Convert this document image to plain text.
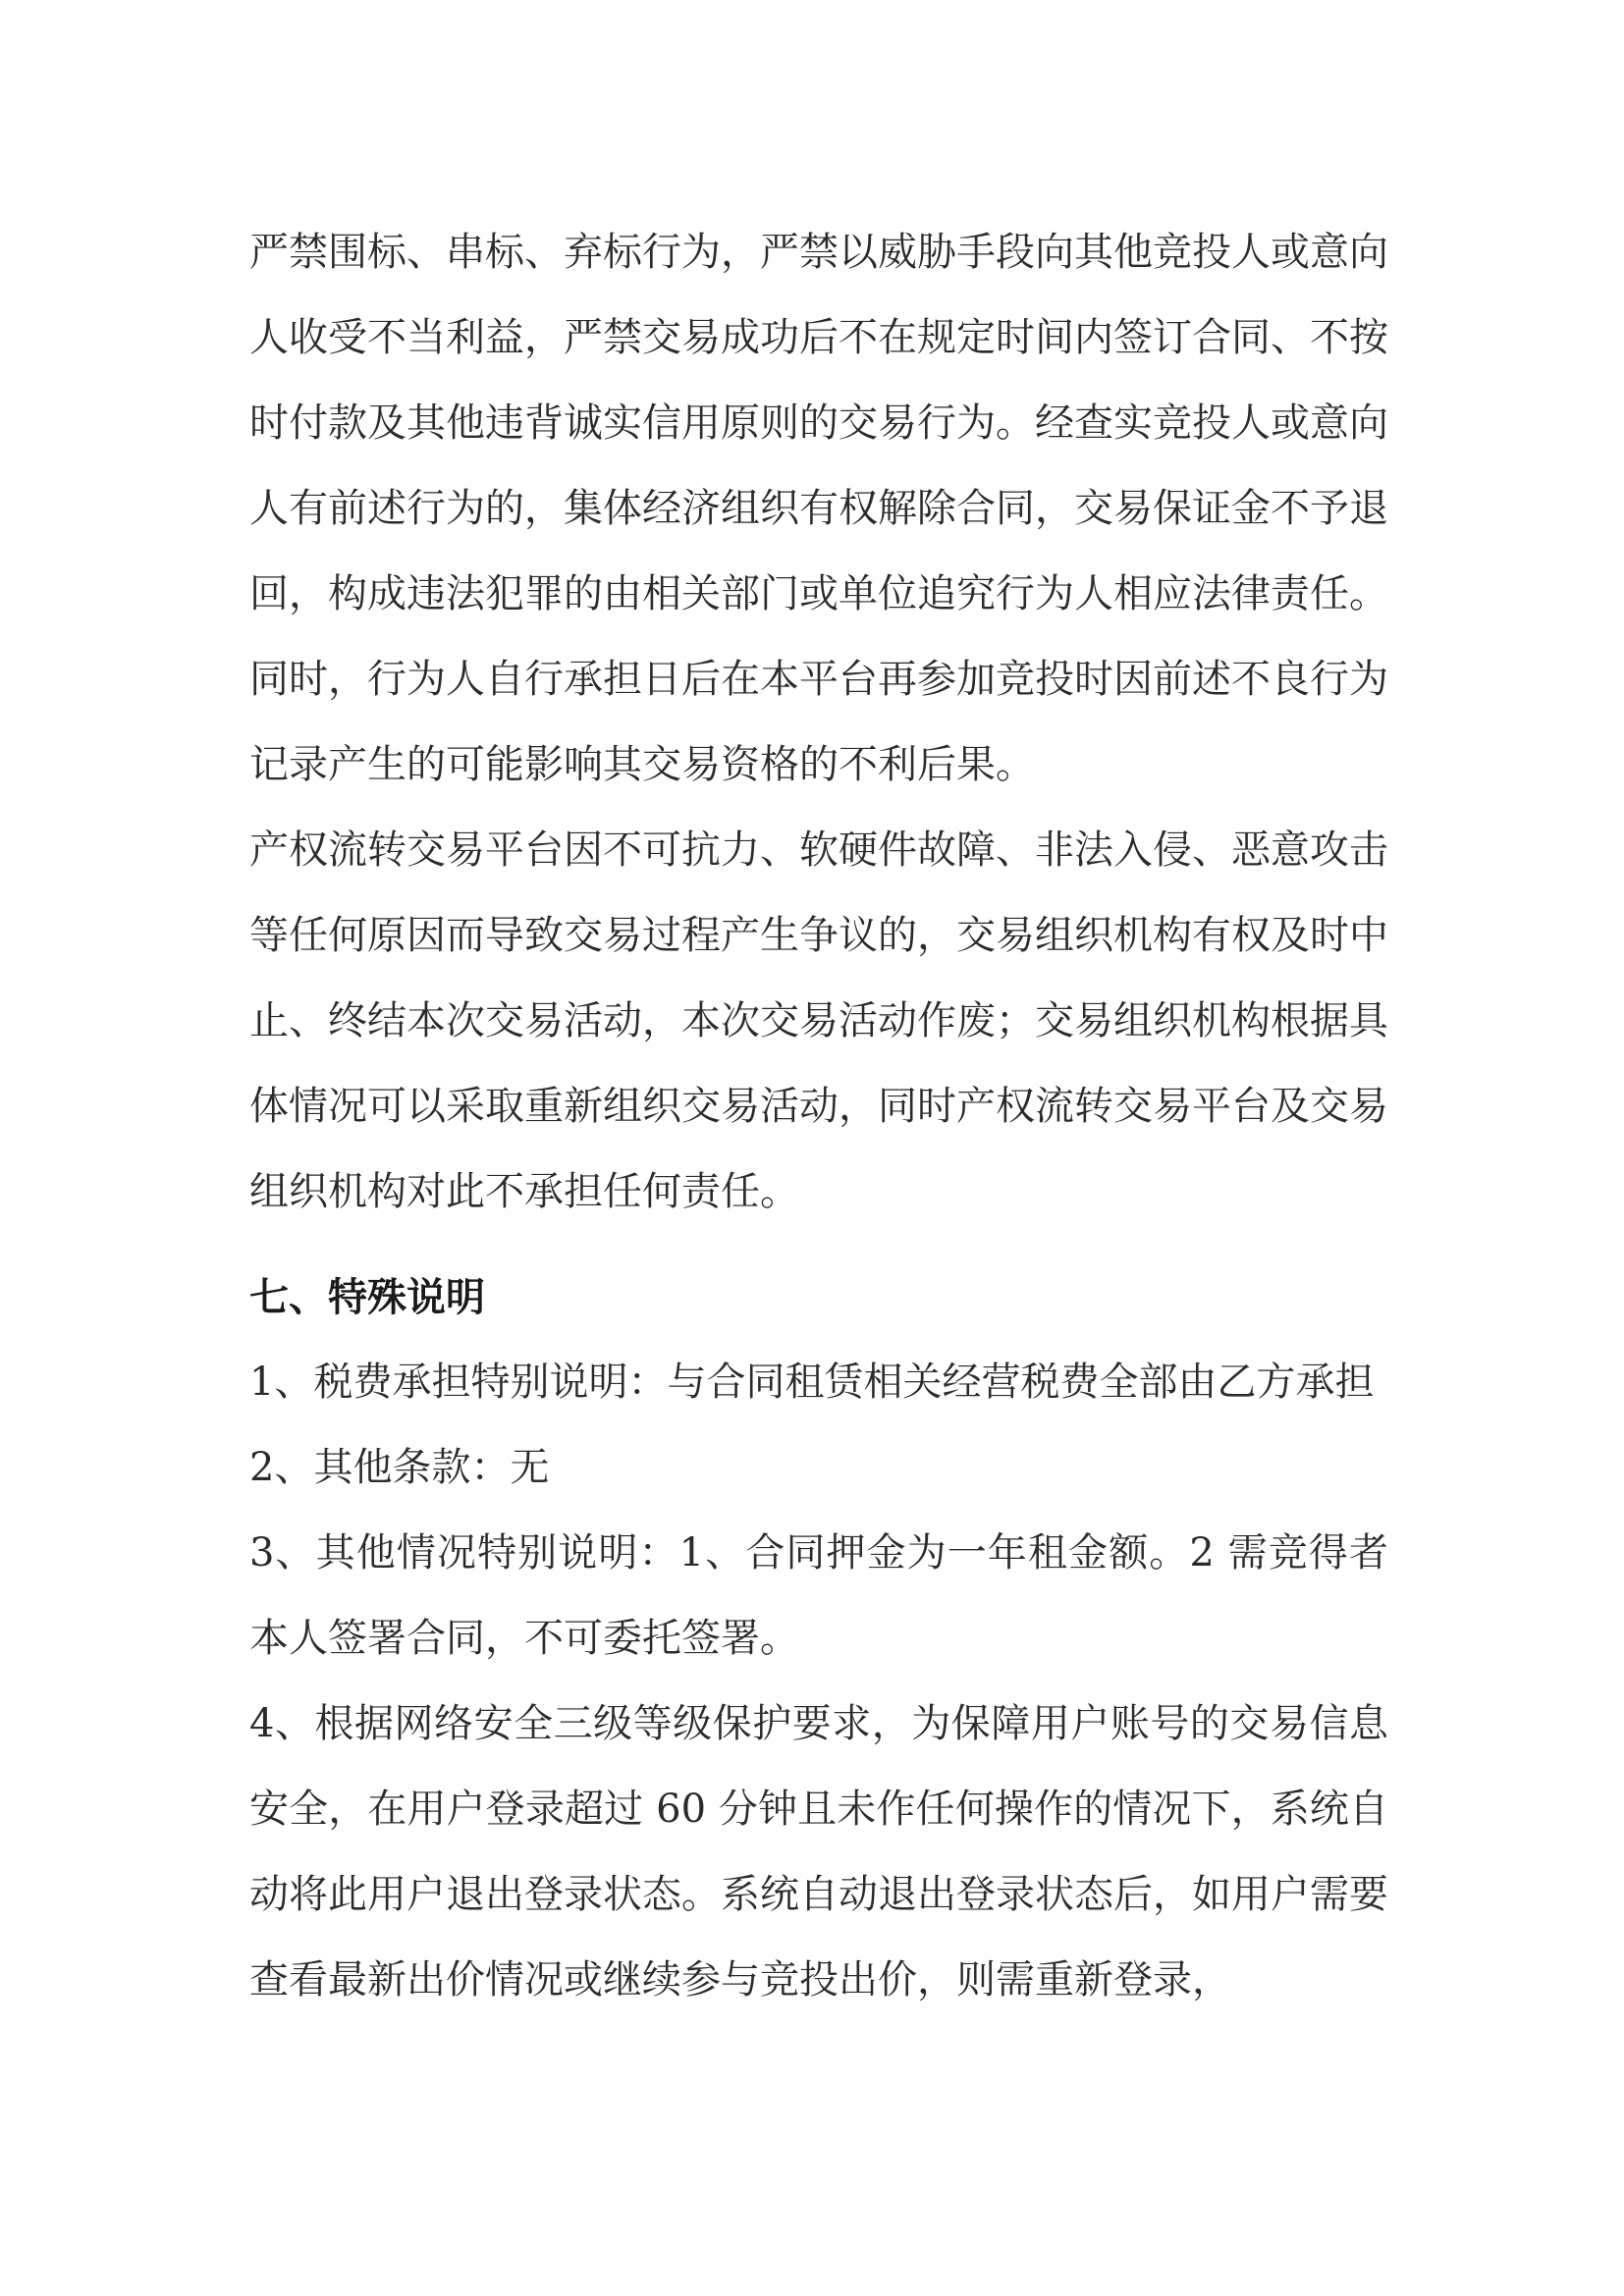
严禁围标、串标、弃标行为，严禁以威胁手段向其他竞投人或意向人收受不当利益，严禁交易成功后不在规定时间内签订合同、不按时付款及其他违背诚实信用原则的交易行为。经查实竞投人或意向人有前述行为的，集体经济组织有权解除合同，交易保证金不予退回，构成违法犯罪的由相关部门或单位追究行为人相应法律责任。同时，行为人自行承担日后在本平台再参加竞投时因前述不良行为记录产生的可能影响其交易资格的不利后果。

产权流转交易平台因不可抗力、软硬件故障、非法入侵、恶意攻击等任何原因而导致交易过程产生争议的，交易组织机构有权及时中止、终结本次交易活动，本次交易活动作废；交易组织机构根据具体情况可以采取重新组织交易活动，同时产权流转交易平台及交易组织机构对此不承担任何责任。

七、特殊说明

1、税费承担特别说明：与合同租赁相关经营税费全部由乙方承担

2、其他条款：无

3、其他情况特别说明：1、合同押金为一年租金额。2 需竞得者本人签署合同，不可委托签署。

4、根据网络安全三级等级保护要求，为保障用户账号的交易信息安全，在用户登录超过 60 分钟且未作任何操作的情况下，系统自动将此用户退出登录状态。系统自动退出登录状态后，如用户需要查看最新出价情况或继续参与竞投出价，则需重新登录，
